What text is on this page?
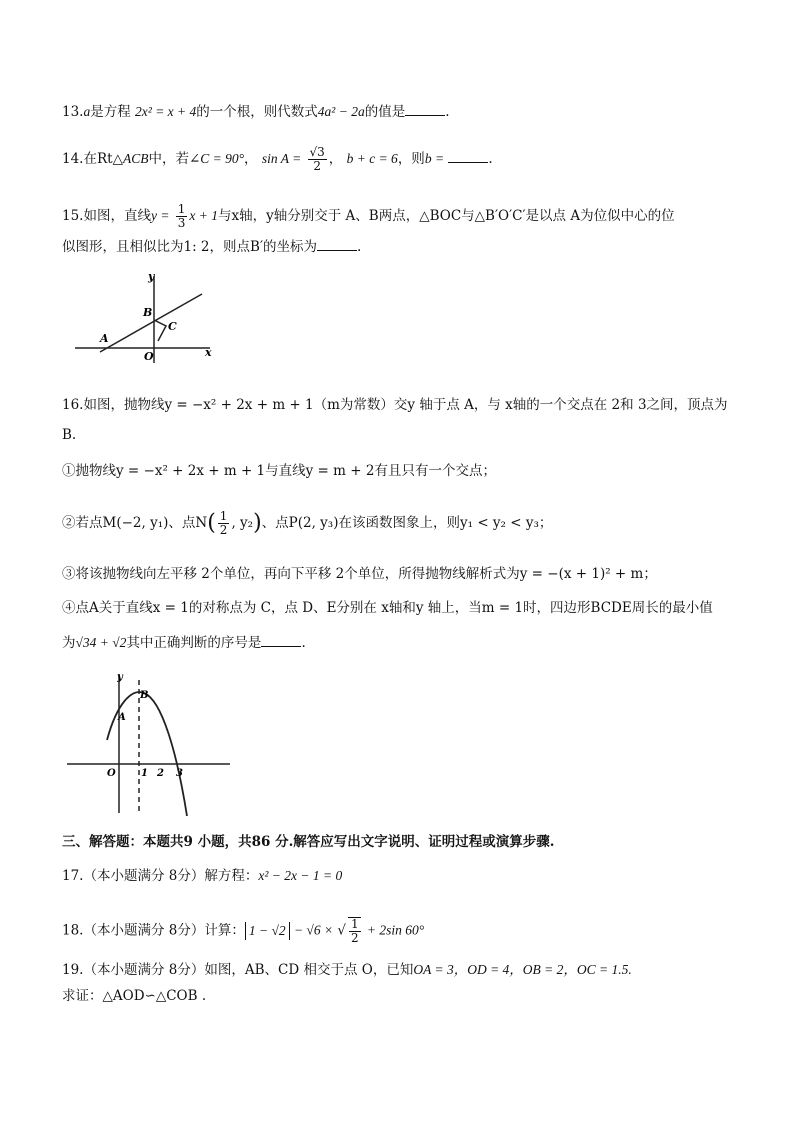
13.a是方程 2x² = x + 4的一个根，则代数式4a² − 2a的值是	.
14.在Rt△ACB中，若∠C = 90°， $\sin A = \frac{√3}{2}$ ， b + c = 6，则b =	.
15.如图，直线$y = \frac{1}{3}$ x + 1与x轴，y轴分别交于 A、B两点，△BOC与△B′O′C′是以点 A为位似中心的位
似图形，且相似比为1: 2，则点B′的坐标为	.
y
x
A
B
C
O
16.如图，抛物线y = −x² + 2x + m + 1（m为常数）交y 轴于点 A，与 x轴的一个交点在 2和 3之间，顶点为
B.
①抛物线y = −x² + 2x + m + 1与直线y = m + 2有且只有一个交点；
②若点M(−2, y₁)、点$N( \frac{1}{2}$ , y₂)、点P(2, y₃)在该函数图象上，则y₁ < y₂ < y₃；
③将该抛物线向左平移 2个单位，再向下平移 2个单位，所得抛物线解析式为y = −(x + 1)² + m；
④点A关于直线x = 1的对称点为 C，点 D、E分别在 x轴和y 轴上，当m = 1时，四边形BCDE周长的最小值
为√34 + √2其中正确判断的序号是	.
y
B
A
O	1 2 3
三、解答题：本题共9 小题，共86 分.解答应写出文字说明、证明过程或演算步骤.
17.（本小题满分 8分）解方程：x² − 2x − 1 = 0
18.（本小题满分 8分）计算： 1 − √2 − √6 × √ $\frac{1}{2} + 2\sin$ 60°
19.（本小题满分 8分）如图，AB、CD 相交于点 O，已知OA = 3，OD = 4，OB = 2，OC = 1.5.
求证：△AOD∽△COB .
